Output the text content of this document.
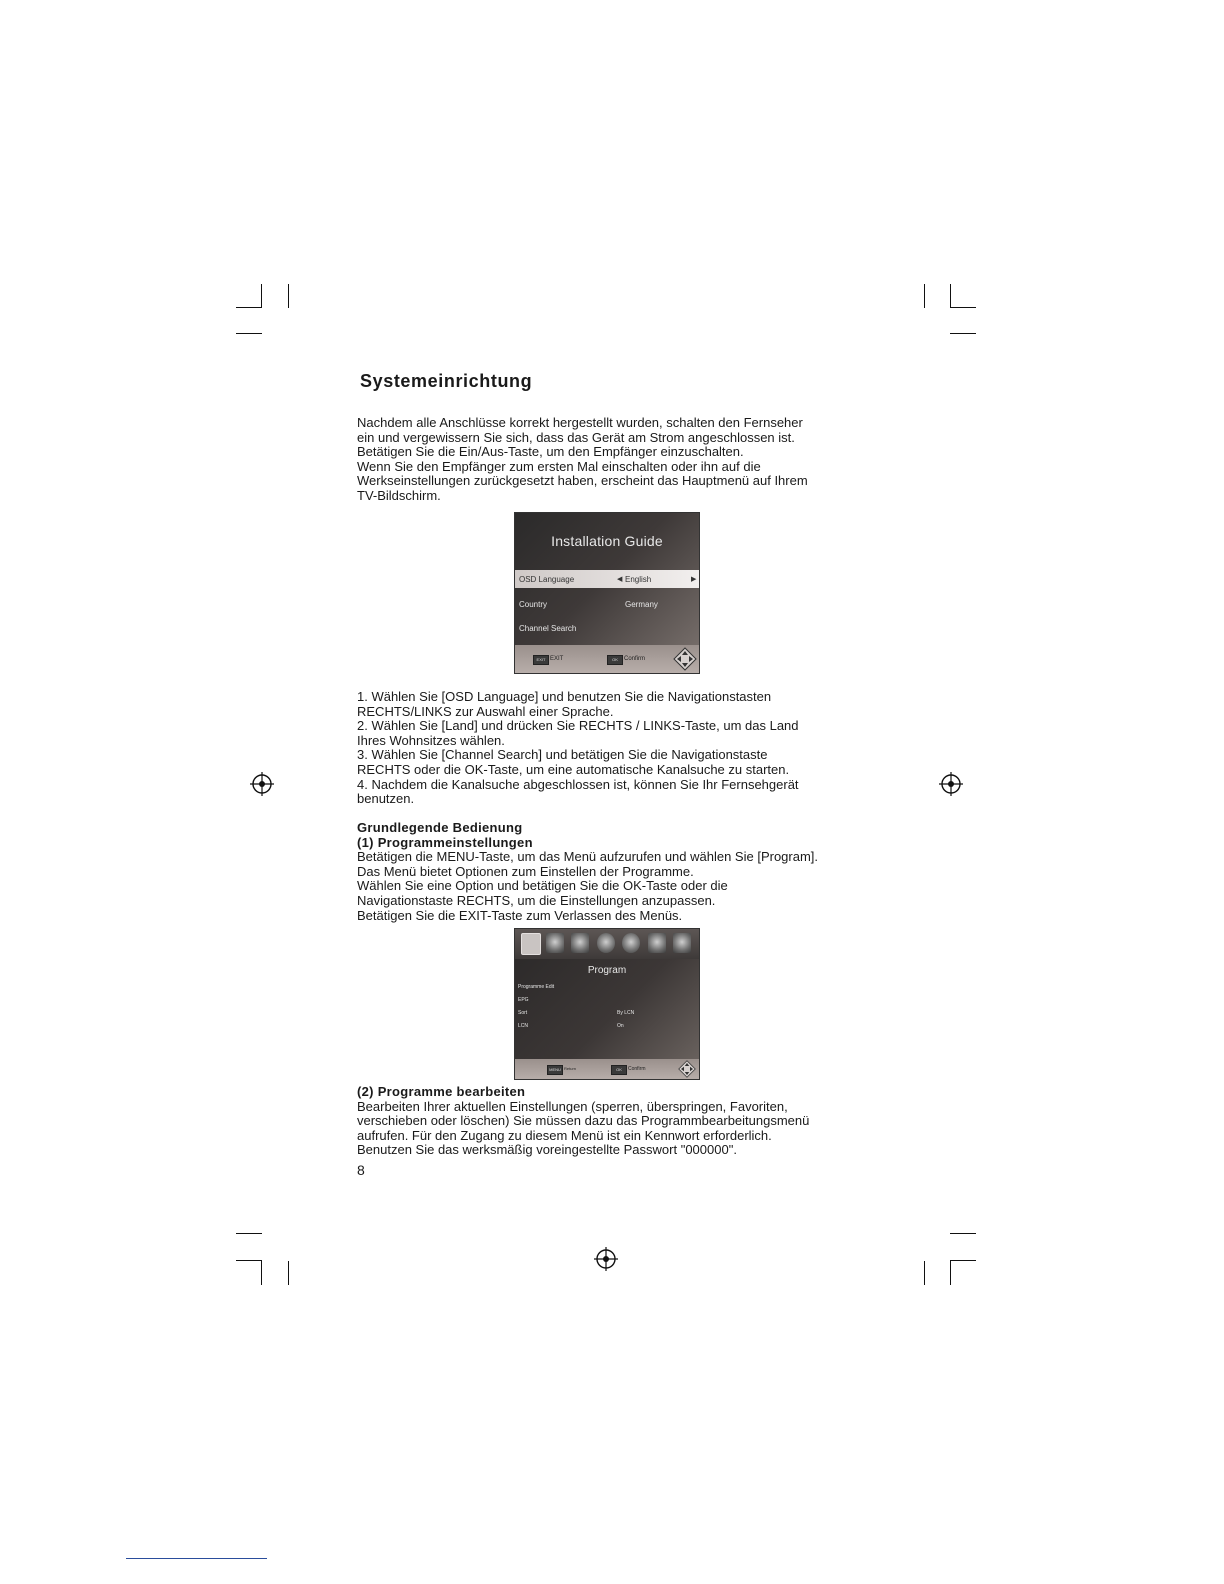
Systemeinrichtung

Nachdem alle Anschlüsse korrekt hergestellt wurden, schalten den Fernseher

ein und vergewissern Sie sich, dass das Gerät am Strom angeschlossen ist.

Betätigen Sie die Ein/Aus-Taste, um den Empfänger einzuschalten.

Wenn Sie den Empfänger zum ersten Mal einschalten oder ihn auf die

Werkseinstellungen zurückgesetzt haben, erscheint das Hauptmenü auf Ihrem

TV-Bildschirm.

Installation Guide
OSD Language	◀ English	▶
Country	Germany
Channel Search
EXIT EXIT	OK	Confirm

1. Wählen Sie [OSD Language] und benutzen Sie die Navigationstasten

RECHTS/LINKS zur Auswahl einer Sprache.

2. Wählen Sie [Land] und drücken Sie RECHTS / LINKS-Taste, um das Land

Ihres Wohnsitzes wählen.

3. Wählen Sie [Channel Search] und betätigen Sie die Navigationstaste

RECHTS oder die OK-Taste, um eine automatische Kanalsuche zu starten.

4. Nachdem die Kanalsuche abgeschlossen ist, können Sie Ihr Fernsehgerät

benutzen.

Grundlegende Bedienung

(1) Programmeinstellungen

Betätigen die MENU-Taste, um das Menü aufzurufen und wählen Sie [Program].

Das Menü bietet Optionen zum Einstellen der Programme.

Wählen Sie eine Option und betätigen Sie die OK-Taste oder die

Navigationstaste RECHTS, um die Einstellungen anzupassen.

Betätigen Sie die EXIT-Taste zum Verlassen des Menüs.

Program
Programme Edit
EPG
Sort	By LCN
LCN	On
MENU Return	OK	Confirm

(2) Programme bearbeiten

Bearbeiten Ihrer aktuellen Einstellungen (sperren, überspringen, Favoriten,

verschieben oder löschen) Sie müssen dazu das Programmbearbeitungsmenü

aufrufen. Für den Zugang zu diesem Menü ist ein Kennwort erforderlich.

Benutzen Sie das werksmäßig voreingestellte Passwort "000000".

8
